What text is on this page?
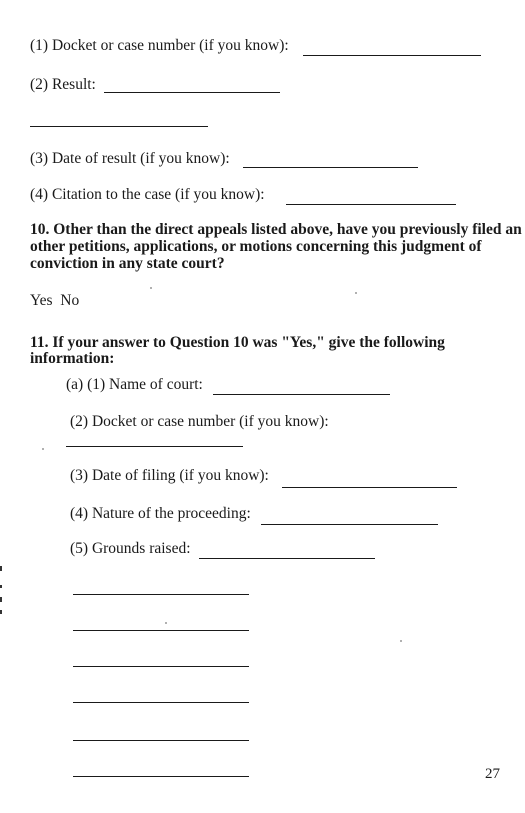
(1) Docket or case number (if you know):
(2) Result:
(3) Date of result (if you know):
(4) Citation to the case (if you know):
10. Other than the direct appeals listed above, have you previously filed an
other petitions, applications, or motions concerning this judgment of
conviction in any state court?
Yes  No
11. If your answer to Question 10 was "Yes," give the following
information:
(a) (1) Name of court:
(2) Docket or case number (if you know):
(3) Date of filing (if you know):
(4) Nature of the proceeding:
(5) Grounds raised:
27
